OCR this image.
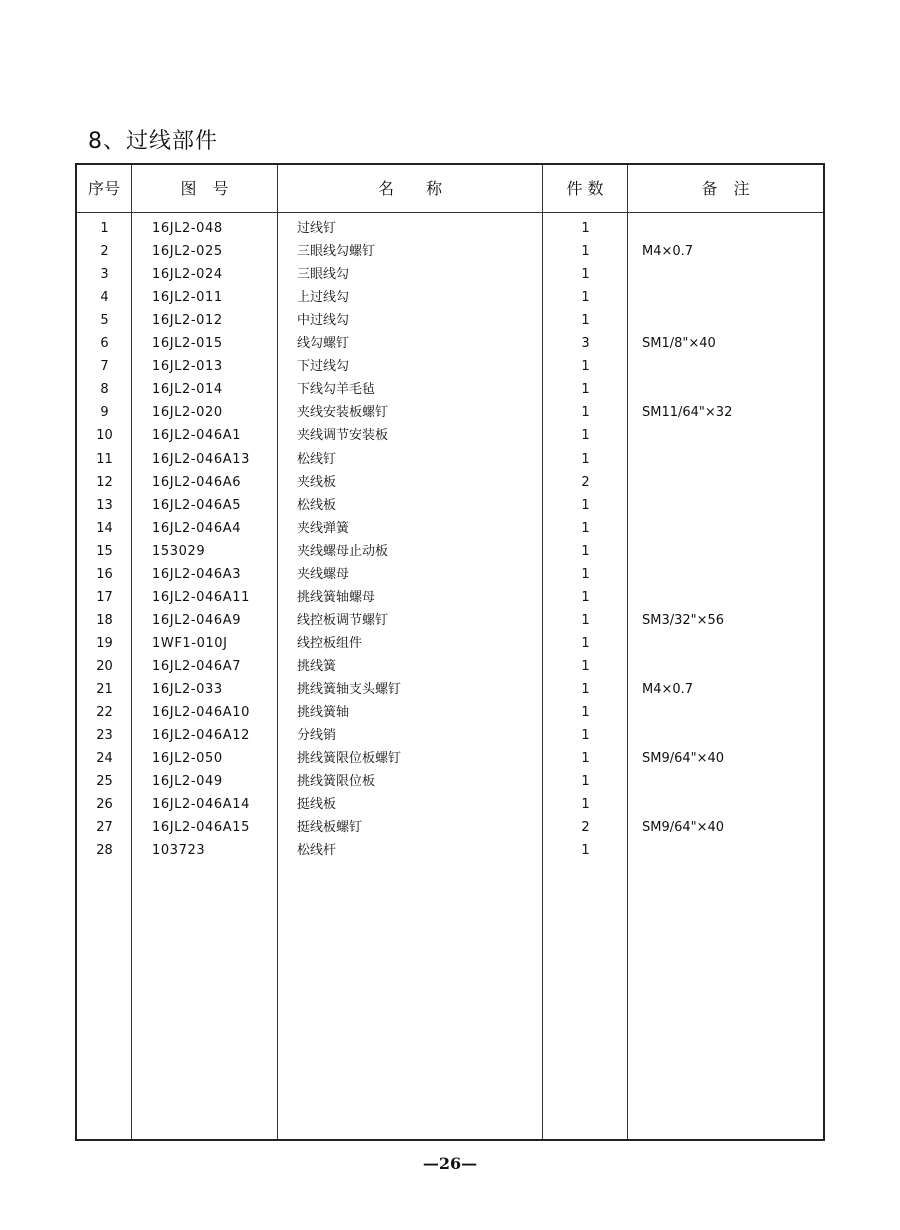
8、过线部件
序号	图　号	名　　称	件 数	备　注
1	16JL2-048	过线钉	1
2	16JL2-025	三眼线勾螺钉	1	M4×0.7
3	16JL2-024	三眼线勾	1
4	16JL2-011	上过线勾	1
5	16JL2-012	中过线勾	1
6	16JL2-015	线勾螺钉	3	SM1/8"×40
7	16JL2-013	下过线勾	1
8	16JL2-014	下线勾羊毛毡	1
9	16JL2-020	夹线安装板螺钉	1	SM11/64"×32
10	16JL2-046A1	夹线调节安装板	1
11	16JL2-046A13	松线钉	1
12	16JL2-046A6	夹线板	2
13	16JL2-046A5	松线板	1
14	16JL2-046A4	夹线弹簧	1
15	153029	夹线螺母止动板	1
16	16JL2-046A3	夹线螺母	1
17	16JL2-046A11	挑线簧轴螺母	1
18	16JL2-046A9	线控板调节螺钉	1	SM3/32"×56
19	1WF1-010J	线控板组件	1
20	16JL2-046A7	挑线簧	1
21	16JL2-033	挑线簧轴支头螺钉	1	M4×0.7
22	16JL2-046A10	挑线簧轴	1
23	16JL2-046A12	分线销	1
24	16JL2-050	挑线簧限位板螺钉	1	SM9/64"×40
25	16JL2-049	挑线簧限位板	1
26	16JL2-046A14	挺线板	1
27	16JL2-046A15	挺线板螺钉	2	SM9/64"×40
28	103723	松线杆	1
—26—
